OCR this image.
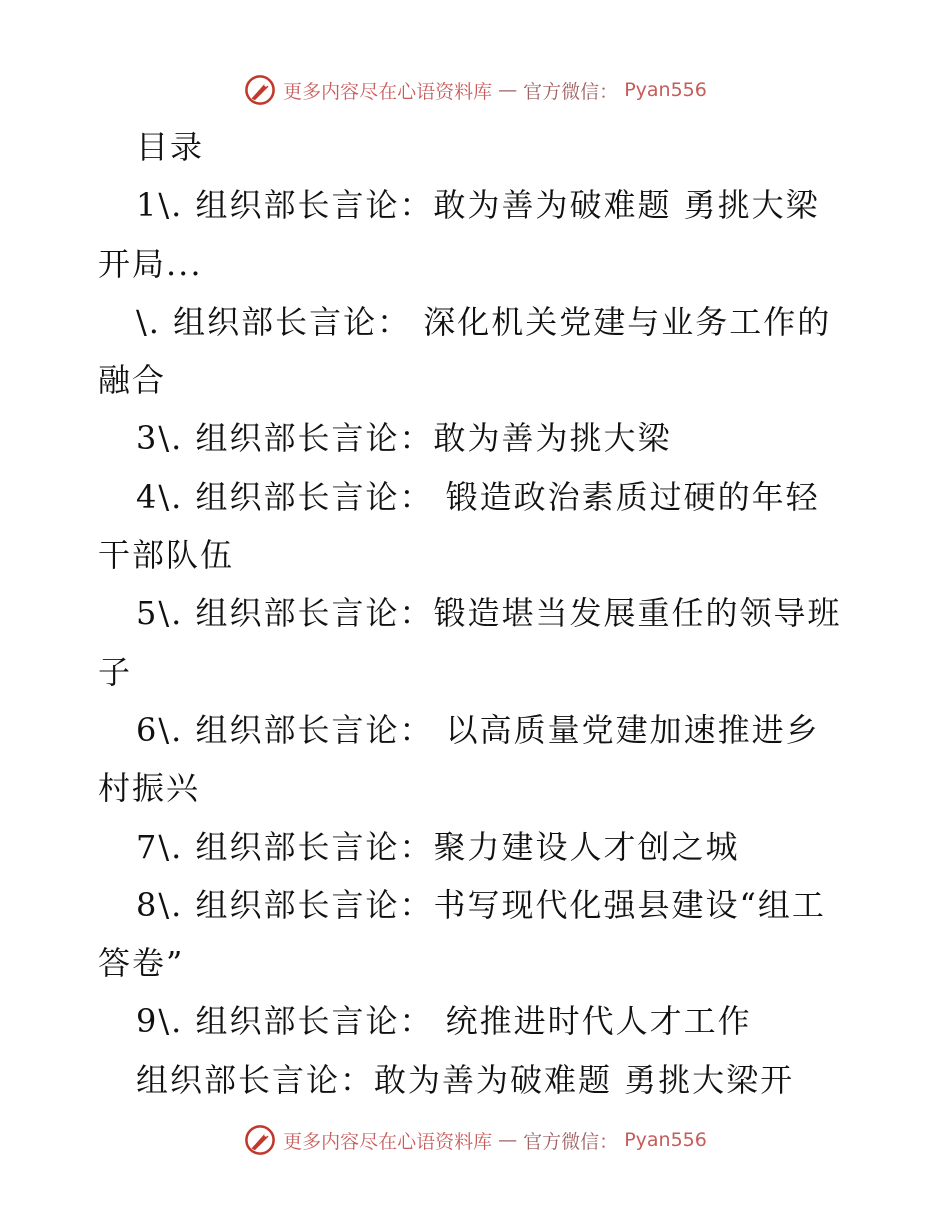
更多内容尽在心语资料库 — 官方微信： Pyan556
目录
1\. 组织部长言论：敢为善为破难题 勇挑大梁
开局...
\. 组织部长言论： 深化机关党建与业务工作的
融合
3\. 组织部长言论：敢为善为挑大梁
4\. 组织部长言论： 锻造政治素质过硬的年轻
干部队伍
5\. 组织部长言论：锻造堪当发展重任的领导班
子
6\. 组织部长言论： 以高质量党建加速推进乡
村振兴
7\. 组织部长言论：聚力建设人才创之城
8\. 组织部长言论：书写现代化强县建设“组工
答卷”
9\. 组织部长言论： 统推进时代人才工作
组织部长言论：敢为善为破难题 勇挑大梁开
更多内容尽在心语资料库 — 官方微信： Pyan556
